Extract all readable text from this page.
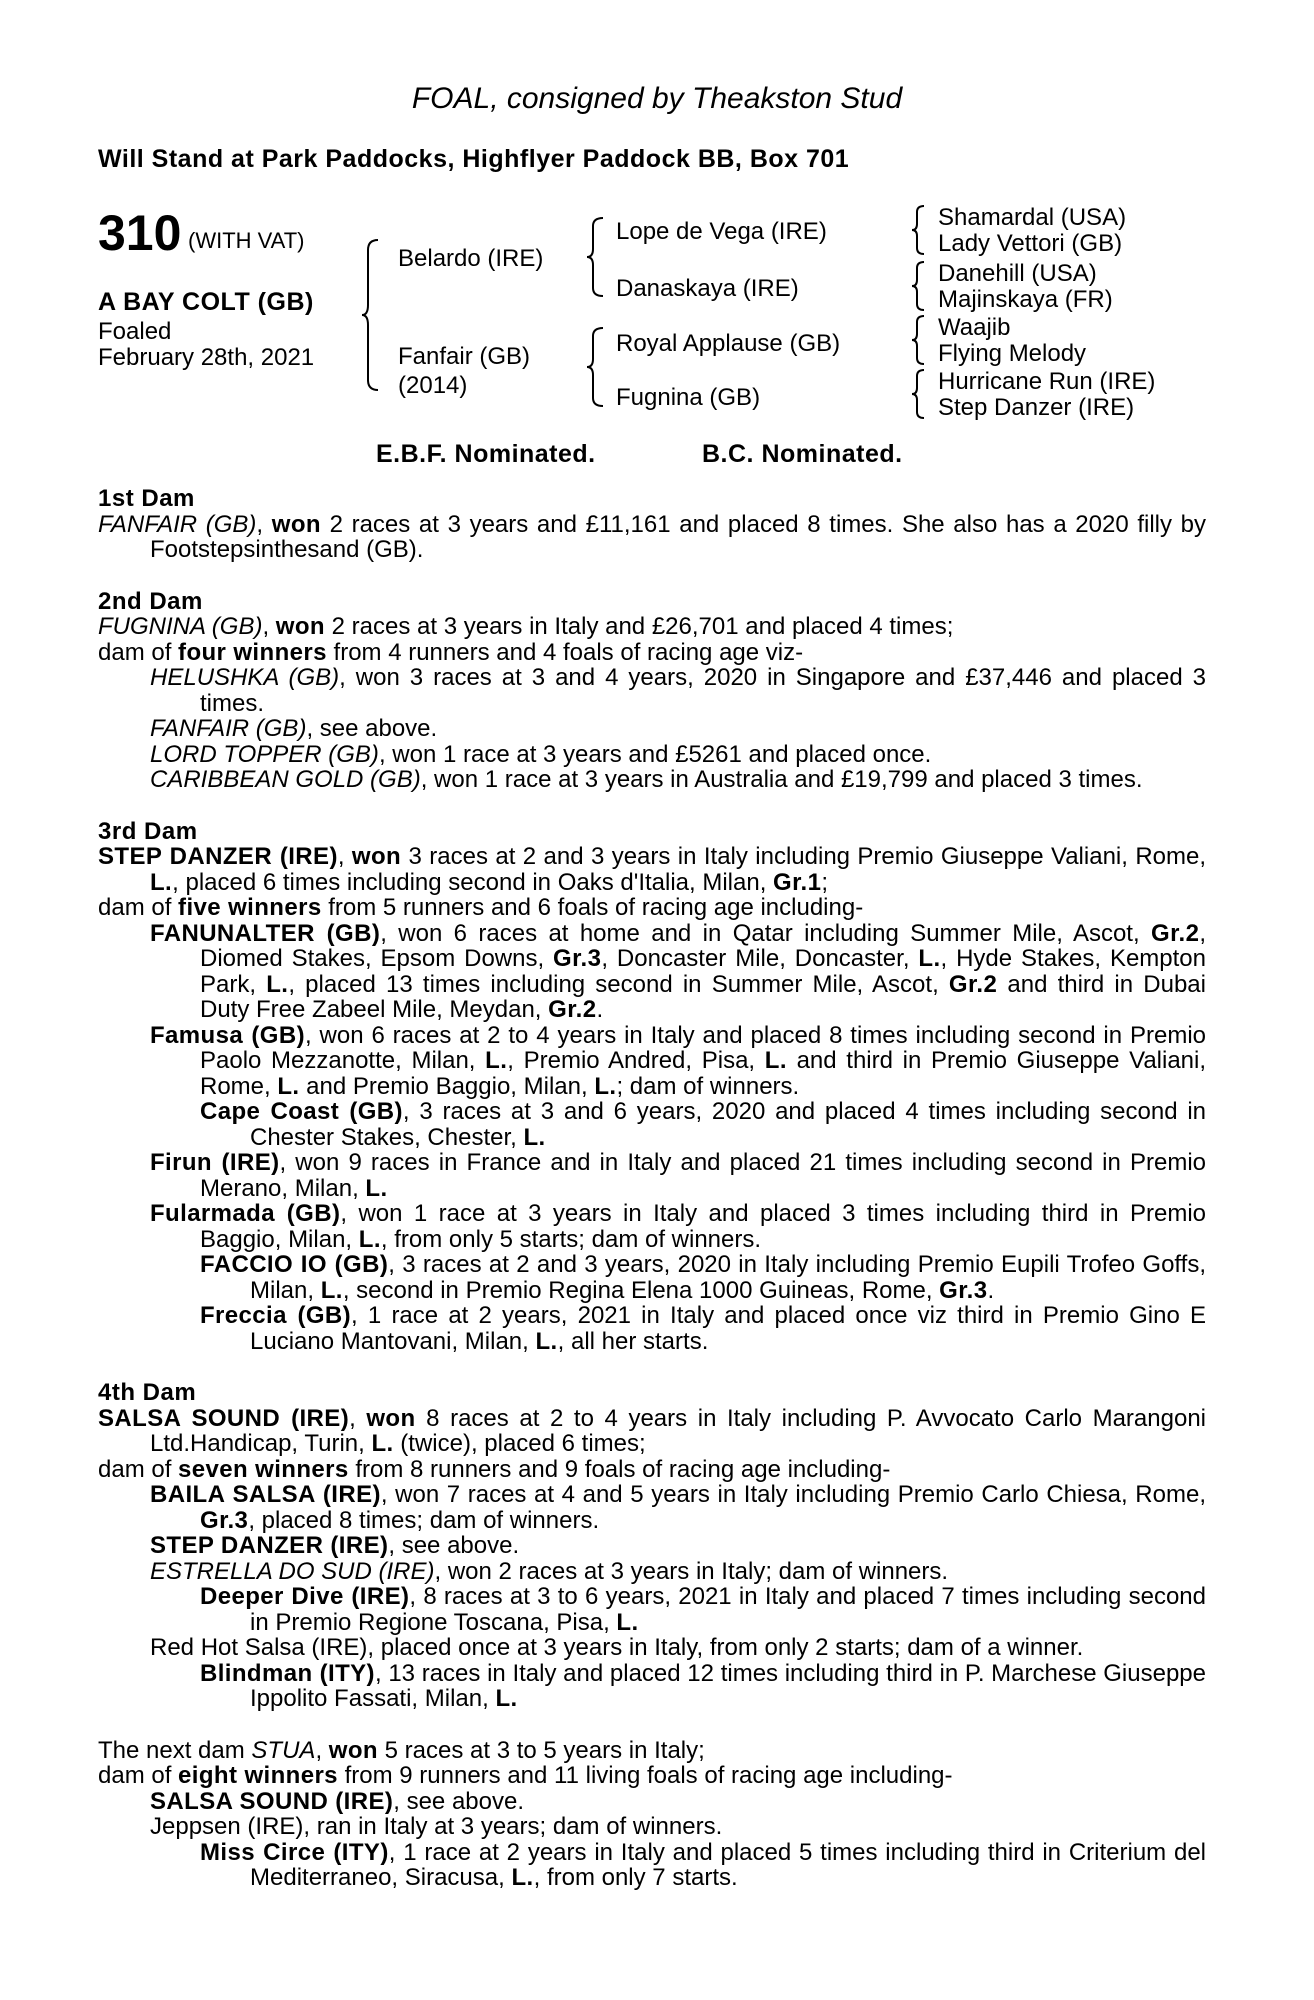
FOAL, consigned by Theakston Stud
Will Stand at Park Paddocks, Highflyer Paddock BB, Box 701
310 (WITH VAT)
A BAY COLT (GB)
Foaled
February 28th, 2021
Belardo (IRE)
Fanfair (GB)
(2014)
Lope de Vega (IRE)
Danaskaya (IRE)
Royal Applause (GB)
Fugnina (GB)
Shamardal (USA)
Lady Vettori (GB)
Danehill (USA)
Majinskaya (FR)
Waajib
Flying Melody
Hurricane Run (IRE)
Step Danzer (IRE)
E.B.F. Nominated.	B.C. Nominated.
1st Dam
FANFAIR (GB), won 2 races at 3 years and £11,161 and placed 8 times. She also has a 2020 filly by Footstepsinthesand (GB).
2nd Dam
FUGNINA (GB), won 2 races at 3 years in Italy and £26,701 and placed 4 times;
dam of four winners from 4 runners and 4 foals of racing age viz-
HELUSHKA (GB), won 3 races at 3 and 4 years, 2020 in Singapore and £37,446 and placed 3 times.
FANFAIR (GB), see above.
LORD TOPPER (GB), won 1 race at 3 years and £5261 and placed once.
CARIBBEAN GOLD (GB), won 1 race at 3 years in Australia and £19,799 and placed 3 times.
3rd Dam
STEP DANZER (IRE), won 3 races at 2 and 3 years in Italy including Premio Giuseppe Valiani, Rome, L., placed 6 times including second in Oaks d'Italia, Milan, Gr.1;
dam of five winners from 5 runners and 6 foals of racing age including-
FANUNALTER (GB), won 6 races at home and in Qatar including Summer Mile, Ascot, Gr.2, Diomed Stakes, Epsom Downs, Gr.3, Doncaster Mile, Doncaster, L., Hyde Stakes, Kempton Park, L., placed 13 times including second in Summer Mile, Ascot, Gr.2 and third in Dubai Duty Free Zabeel Mile, Meydan, Gr.2.
Famusa (GB), won 6 races at 2 to 4 years in Italy and placed 8 times including second in Premio Paolo Mezzanotte, Milan, L., Premio Andred, Pisa, L. and third in Premio Giuseppe Valiani, Rome, L. and Premio Baggio, Milan, L.; dam of winners.
Cape Coast (GB), 3 races at 3 and 6 years, 2020 and placed 4 times including second in Chester Stakes, Chester, L.
Firun (IRE), won 9 races in France and in Italy and placed 21 times including second in Premio Merano, Milan, L.
Fularmada (GB), won 1 race at 3 years in Italy and placed 3 times including third in Premio Baggio, Milan, L., from only 5 starts; dam of winners.
FACCIO IO (GB), 3 races at 2 and 3 years, 2020 in Italy including Premio Eupili Trofeo Goffs, Milan, L., second in Premio Regina Elena 1000 Guineas, Rome, Gr.3.
Freccia (GB), 1 race at 2 years, 2021 in Italy and placed once viz third in Premio Gino E Luciano Mantovani, Milan, L., all her starts.
4th Dam
SALSA SOUND (IRE), won 8 races at 2 to 4 years in Italy including P. Avvocato Carlo Marangoni Ltd.Handicap, Turin, L. (twice), placed 6 times;
dam of seven winners from 8 runners and 9 foals of racing age including-
BAILA SALSA (IRE), won 7 races at 4 and 5 years in Italy including Premio Carlo Chiesa, Rome, Gr.3, placed 8 times; dam of winners.
STEP DANZER (IRE), see above.
ESTRELLA DO SUD (IRE), won 2 races at 3 years in Italy; dam of winners.
Deeper Dive (IRE), 8 races at 3 to 6 years, 2021 in Italy and placed 7 times including second in Premio Regione Toscana, Pisa, L.
Red Hot Salsa (IRE), placed once at 3 years in Italy, from only 2 starts; dam of a winner.
Blindman (ITY), 13 races in Italy and placed 12 times including third in P. Marchese Giuseppe Ippolito Fassati, Milan, L.
The next dam STUA, won 5 races at 3 to 5 years in Italy;
dam of eight winners from 9 runners and 11 living foals of racing age including-
SALSA SOUND (IRE), see above.
Jeppsen (IRE), ran in Italy at 3 years; dam of winners.
Miss Circe (ITY), 1 race at 2 years in Italy and placed 5 times including third in Criterium del Mediterraneo, Siracusa, L., from only 7 starts.
